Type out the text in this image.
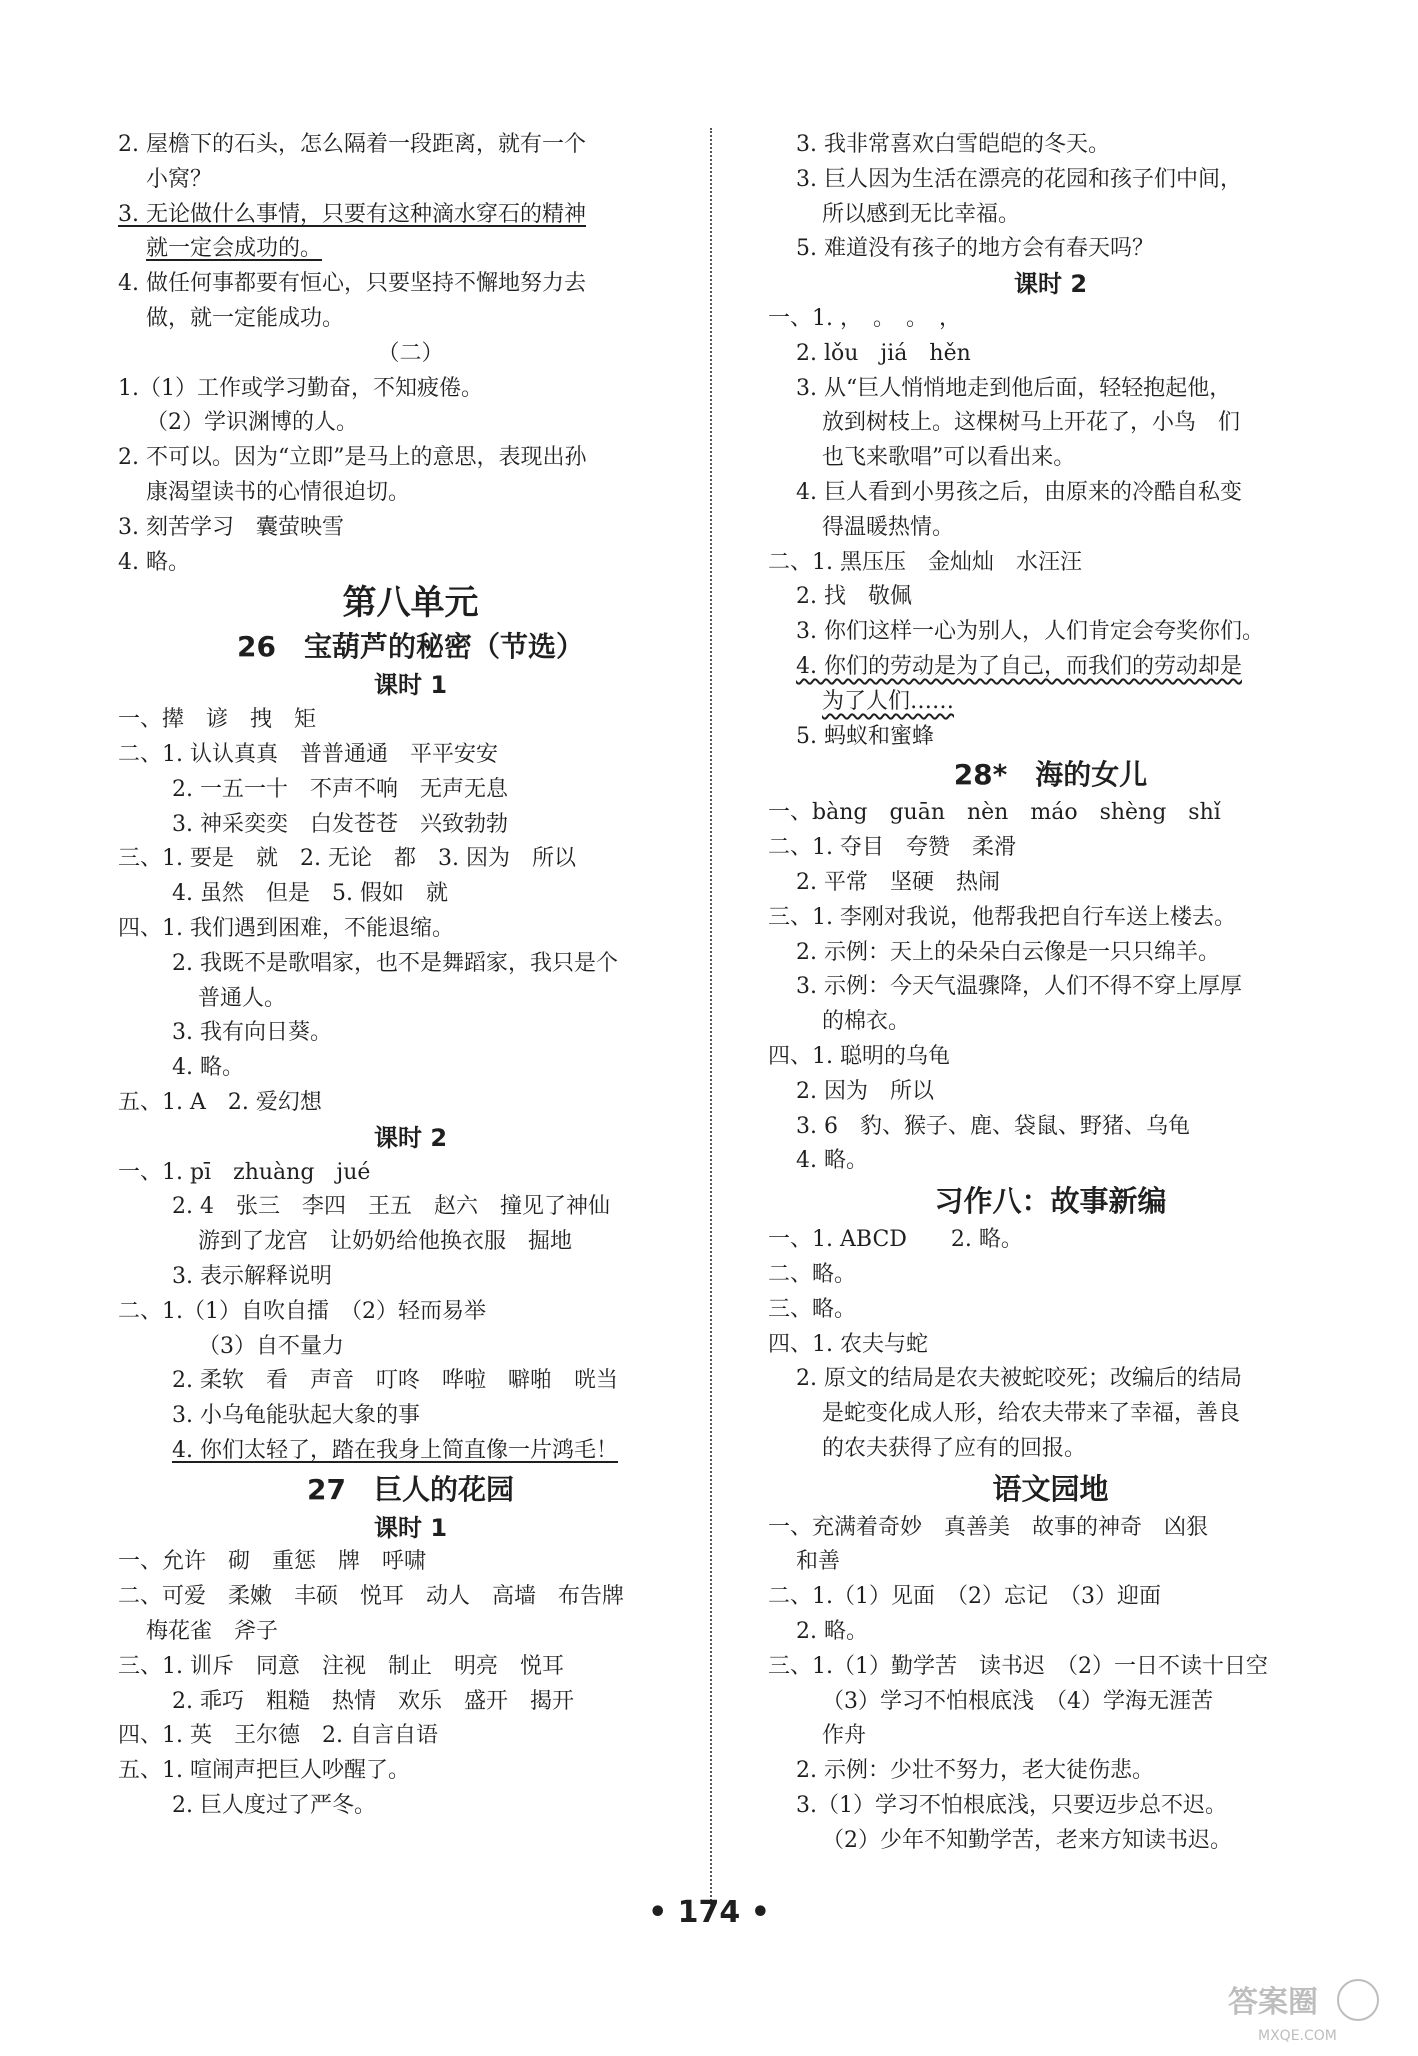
2. 屋檐下的石头，怎么隔着一段距离，就有一个
小窝？
3. 无论做什么事情，只要有这种滴水穿石的精神
就一定会成功的。
4. 做任何事都要有恒心，只要坚持不懈地努力去
做，就一定能成功。
（二）
1.（1）工作或学习勤奋，不知疲倦。
（2）学识渊博的人。
2. 不可以。因为“立即”是马上的意思，表现出孙
康渴望读书的心情很迫切。
3. 刻苦学习　囊萤映雪
4. 略。
第八单元
26　宝葫芦的秘密（节选）
课时 1
一、撵　谚　拽　矩
二、1. 认认真真　普普通通　平平安安
2. 一五一十　不声不响　无声无息
3. 神采奕奕　白发苍苍　兴致勃勃
三、1. 要是　就　2. 无论　都　3. 因为　所以
4. 虽然　但是　5. 假如　就
四、1. 我们遇到困难，不能退缩。
2. 我既不是歌唱家，也不是舞蹈家，我只是个
普通人。
3. 我有向日葵。
4. 略。
五、1. A　2. 爱幻想
课时 2
一、1. pī　zhuàng　jué
2. 4　张三　李四　王五　赵六　撞见了神仙
游到了龙宫　让奶奶给他换衣服　掘地
3. 表示解释说明
二、1.（1）自吹自擂　（2）轻而易举
（3）自不量力
2. 柔软　看　声音　叮咚　哗啦　噼啪　咣当
3. 小乌龟能驮起大象的事
4. 你们太轻了，踏在我身上简直像一片鸿毛！
27　巨人的花园
课时 1
一、允许　砌　重惩　牌　呼啸
二、可爱　柔嫩　丰硕　悦耳　动人　高墙　布告牌
梅花雀　斧子
三、1. 训斥　同意　注视　制止　明亮　悦耳
2. 乖巧　粗糙　热情　欢乐　盛开　揭开
四、1. 英　王尔德　2. 自言自语
五、1. 喧闹声把巨人吵醒了。
2. 巨人度过了严冬。
3. 我非常喜欢白雪皑皑的冬天。
3. 巨人因为生活在漂亮的花园和孩子们中间，
所以感到无比幸福。
5. 难道没有孩子的地方会有春天吗？
课时 2
一、1. ，　。　。　，
2. lǒu　jiá　hěn
3. 从“巨人悄悄地走到他后面，轻轻抱起他，
放到树枝上。这棵树马上开花了，小鸟　们
也飞来歌唱”可以看出来。
4. 巨人看到小男孩之后，由原来的冷酷自私变
得温暖热情。
二、1. 黑压压　金灿灿　水汪汪
2. 找　敬佩
3. 你们这样一心为别人，人们肯定会夸奖你们。
4. 你们的劳动是为了自己，而我们的劳动却是
为了人们……
5. 蚂蚁和蜜蜂
28*　海的女儿
一、bàng　guān　nèn　máo　shèng　shǐ
二、1. 夺目　夸赞　柔滑
2. 平常　坚硬　热闹
三、1. 李刚对我说，他帮我把自行车送上楼去。
2. 示例：天上的朵朵白云像是一只只绵羊。
3. 示例：今天气温骤降，人们不得不穿上厚厚
的棉衣。
四、1. 聪明的乌龟
2. 因为　所以
3. 6　豹、猴子、鹿、袋鼠、野猪、乌龟
4. 略。
习作八：故事新编
一、1. ABCD　　2. 略。
二、略。
三、略。
四、1. 农夫与蛇
2. 原文的结局是农夫被蛇咬死；改编后的结局
是蛇变化成人形，给农夫带来了幸福，善良
的农夫获得了应有的回报。
语文园地
一、充满着奇妙　真善美　故事的神奇　凶狠
和善
二、1.（1）见面　（2）忘记　（3）迎面
2. 略。
三、1.（1）勤学苦　读书迟　（2）一日不读十日空
（3）学习不怕根底浅　（4）学海无涯苦
作舟
2. 示例：少壮不努力，老大徒伤悲。
3.（1）学习不怕根底浅，只要迈步总不迟。
（2）少年不知勤学苦，老来方知读书迟。
• 174 •
答案圈
MXQE.COM
